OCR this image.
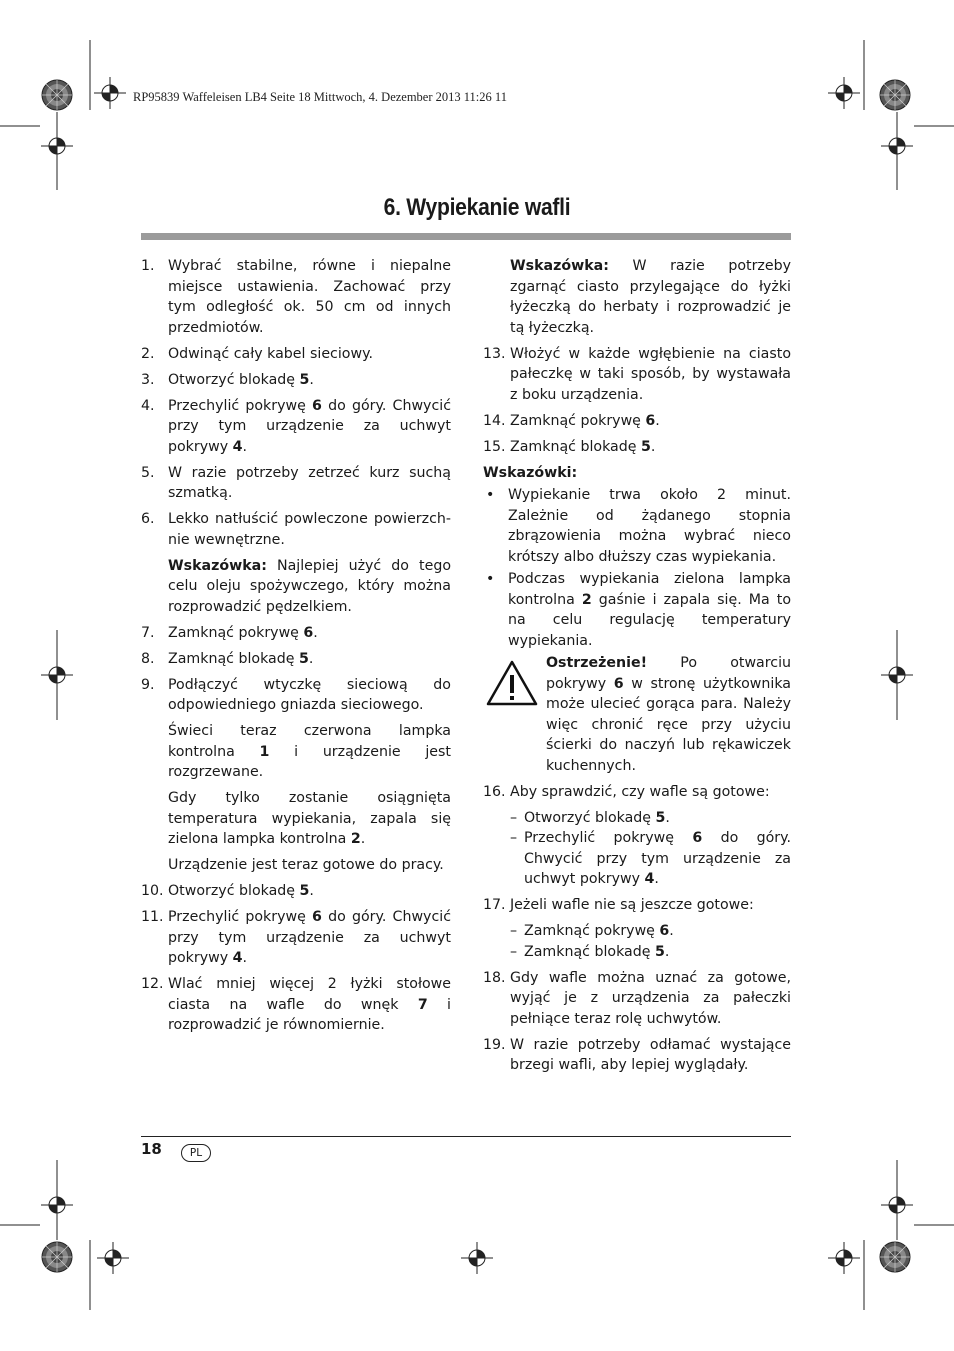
RP95839 Waffeleisen LB4 Seite 18 Mittwoch, 4. Dezember 2013 11:26 11
6. Wypiekanie wafli
1. Wybrać stabilne, równe i niepalne miejsce ustawienia. Zachować przy tym odległość ok. 50 cm od innych przedmiotów.
2. Odwinąć cały kabel sieciowy.
3. Otworzyć blokadę 5.
4. Przechylić pokrywę 6 do góry. Chwycić przy tym urządzenie za uchwyt pokrywy 4.
5. W razie potrzeby zetrzeć kurz suchą szmatką.
6. Lekko natłuścić powleczone powierzch-nie wewnętrzne.
Wskazówka: Najlepiej użyć do tego celu oleju spożywczego, który można rozprowadzić pędzelkiem.
7. Zamknąć pokrywę 6.
8. Zamknąć blokadę 5.
9. Podłączyć wtyczkę sieciową do odpowiedniego gniazda sieciowego.
Świeci teraz czerwona lampka kontrolna 1 i urządzenie jest rozgrzewane.
Gdy tylko zostanie osiągnięta temperatura wypiekania, zapala się zielona lampka kontrolna 2.
Urządzenie jest teraz gotowe do pracy.
10. Otworzyć blokadę 5.
11. Przechylić pokrywę 6 do góry. Chwycić przy tym urządzenie za uchwyt pokrywy 4.
12. Wlać mniej więcej 2 łyżki stołowe ciasta na wafle do wnęk 7 i rozprowadzić je równomiernie.
Wskazówka: W razie potrzeby zgarnąć ciasto przylegające do łyżki łyżeczką do herbaty i rozprowadzić je tą łyżeczką.
13. Włożyć w każde wgłębienie na ciasto pałeczkę w taki sposób, by wystawała z boku urządzenia.
14. Zamknąć pokrywę 6.
15. Zamknąć blokadę 5.
Wskazówki:
• Wypiekanie trwa około 2 minut. Zależnie od żądanego stopnia zbrązowienia można wybrać nieco krótszy albo dłuższy czas wypiekania.
• Podczas wypiekania zielona lampka kontrolna 2 gaśnie i zapala się. Ma to na celu regulację temperatury wypiekania.
Ostrzeżenie! Po otwarciu pokrywy 6 w stronę użytkownika może ulecieć gorąca para. Należy więc chronić ręce przy użyciu ścierki do naczyń lub rękawiczek kuchennych.
16. Aby sprawdzić, czy wafle są gotowe:
– Otworzyć blokadę 5.
– Przechylić pokrywę 6 do góry. Chwycić przy tym urządzenie za uchwyt pokrywy 4.
17. Jeżeli wafle nie są jeszcze gotowe:
– Zamknąć pokrywę 6.
– Zamknąć blokadę 5.
18. Gdy wafle można uznać za gotowe, wyjąć je z urządzenia za pałeczki pełniące teraz rolę uchwytów.
19. W razie potrzeby odłamać wystające brzegi wafli, aby lepiej wyglądały.
18	PL
